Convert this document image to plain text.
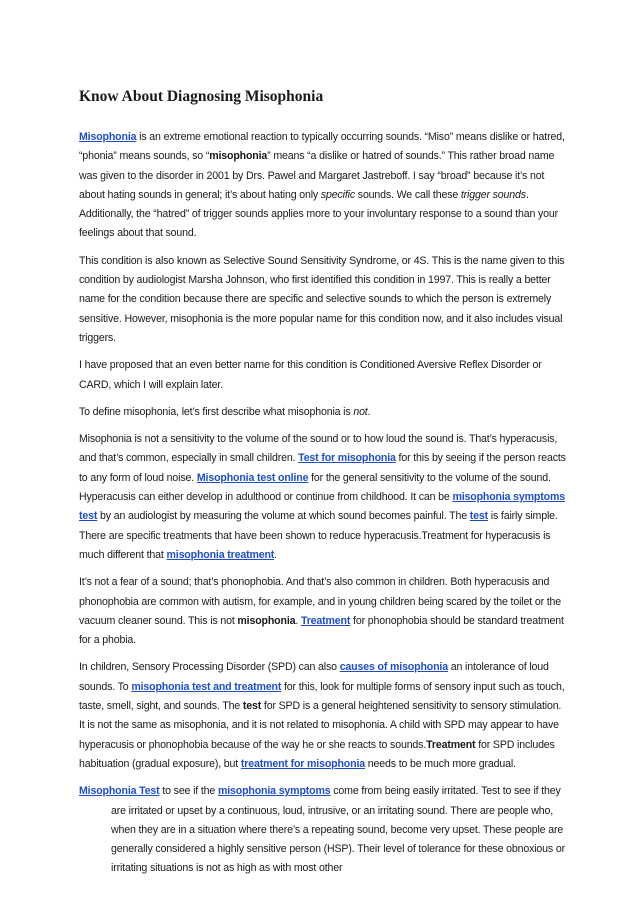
Know About Diagnosing Misophonia

Misophonia is an extreme emotional reaction to typically occurring sounds. “Miso” means dislike or hatred, “phonia” means sounds, so “misophonia” means “a dislike or hatred of sounds.” This rather broad name was given to the disorder in 2001 by Drs. Pawel and Margaret Jastreboff. I say “broad” because it’s not about hating sounds in general; it’s about hating only specific sounds. We call these trigger sounds. Additionally, the “hatred” of trigger sounds applies more to your involuntary response to a sound than your feelings about that sound.

This condition is also known as Selective Sound Sensitivity Syndrome, or 4S. This is the name given to this condition by audiologist Marsha Johnson, who first identified this condition in 1997. This is really a better name for the condition because there are specific and selective sounds to which the person is extremely sensitive. However, misophonia is the more popular name for this condition now, and it also includes visual triggers.

I have proposed that an even better name for this condition is Conditioned Aversive Reflex Disorder or CARD, which I will explain later.

To define misophonia, let’s first describe what misophonia is not.

Misophonia is not a sensitivity to the volume of the sound or to how loud the sound is. That’s hyperacusis, and that’s common, especially in small children. Test for misophonia for this by seeing if the person reacts to any form of loud noise. Misophonia test online for the general sensitivity to the volume of the sound. Hyperacusis can either develop in adulthood or continue from childhood. It can be misophonia symptoms test by an audiologist by measuring the volume at which sound becomes painful. The test is fairly simple. There are specific treatments that have been shown to reduce hyperacusis.Treatment for hyperacusis is much different that misophonia treatment.

It’s not a fear of a sound; that’s phonophobia. And that’s also common in children. Both hyperacusis and phonophobia are common with autism, for example, and in young children being scared by the toilet or the vacuum cleaner sound. This is not misophonia. Treatment for phonophobia should be standard treatment for a phobia.

In children, Sensory Processing Disorder (SPD) can also causes of misophonia an intolerance of loud sounds. To misophonia test and treatment for this, look for multiple forms of sensory input such as touch, taste, smell, sight, and sounds. The test for SPD is a general heightened sensitivity to sensory stimulation. It is not the same as misophonia, and it is not related to misophonia. A child with SPD may appear to have hyperacusis or phonophobia because of the way he or she reacts to sounds.Treatment for SPD includes habituation (gradual exposure), but treatment for misophonia needs to be much more gradual.

Misophonia Test to see if the misophonia symptoms come from being easily irritated. Test to see if they are irritated or upset by a continuous, loud, intrusive, or an irritating sound. There are people who, when they are in a situation where there’s a repeating sound, become very upset. These people are generally considered a highly sensitive person (HSP). Their level of tolerance for these obnoxious or irritating situations is not as high as with most other
